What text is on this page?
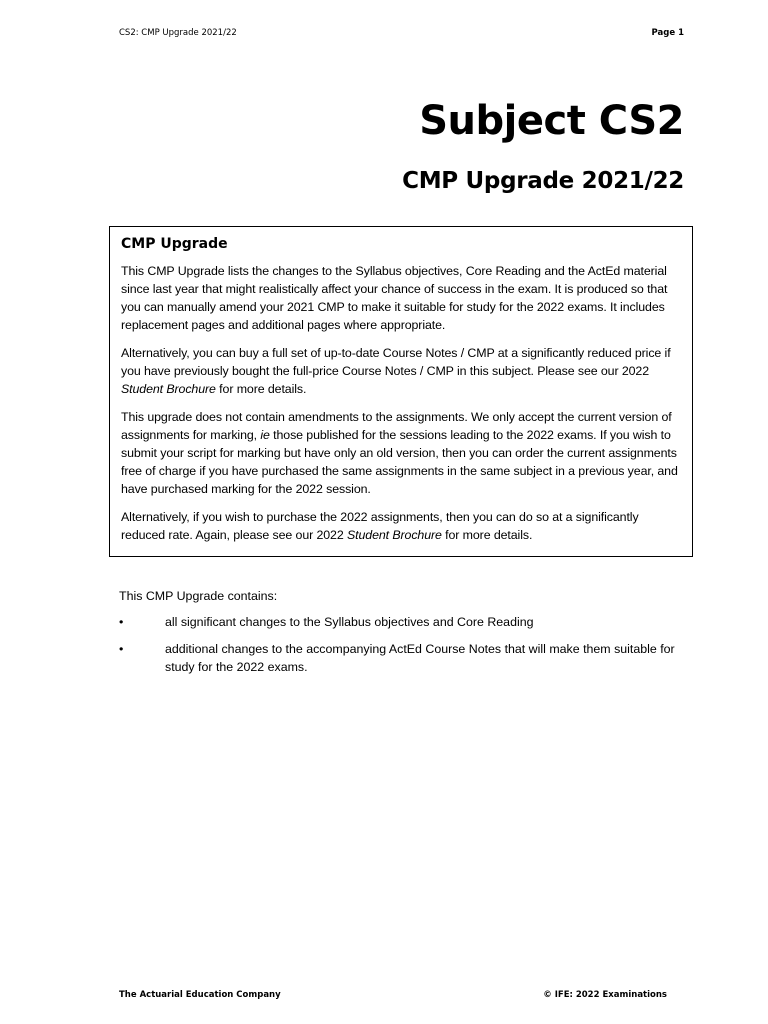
CS2: CMP Upgrade 2021/22	Page 1
Subject CS2
CMP Upgrade 2021/22
CMP Upgrade

This CMP Upgrade lists the changes to the Syllabus objectives, Core Reading and the ActEd material since last year that might realistically affect your chance of success in the exam. It is produced so that you can manually amend your 2021 CMP to make it suitable for study for the 2022 exams. It includes replacement pages and additional pages where appropriate.

Alternatively, you can buy a full set of up-to-date Course Notes / CMP at a significantly reduced price if you have previously bought the full-price Course Notes / CMP in this subject. Please see our 2022 Student Brochure for more details.

This upgrade does not contain amendments to the assignments. We only accept the current version of assignments for marking, ie those published for the sessions leading to the 2022 exams. If you wish to submit your script for marking but have only an old version, then you can order the current assignments free of charge if you have purchased the same assignments in the same subject in a previous year, and have purchased marking for the 2022 session.

Alternatively, if you wish to purchase the 2022 assignments, then you can do so at a significantly reduced rate. Again, please see our 2022 Student Brochure for more details.

This CMP Upgrade contains:

•	all significant changes to the Syllabus objectives and Core Reading
•	additional changes to the accompanying ActEd Course Notes that will make them suitable for study for the 2022 exams.
The Actuarial Education Company	© IFE: 2022 Examinations
